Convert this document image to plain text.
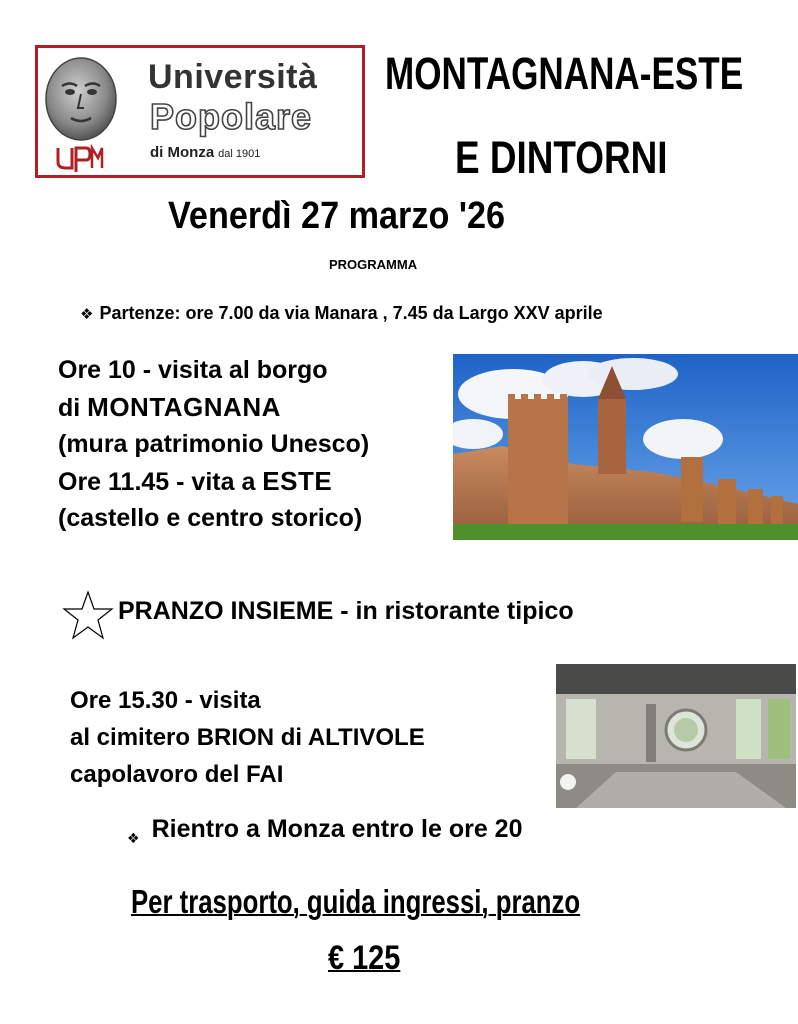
Università
Popolare
di Monza dal 1901
MONTAGNANA-ESTE
E DINTORNI
Venerdì 27 marzo '26
PROGRAMMA
❖ Partenze: ore 7.00 da via Manara , 7.45 da Largo XXV aprile
Ore 10 - visita al borgo
di MONTAGNANA
(mura patrimonio Unesco)
Ore 11.45 - vita a ESTE
(castello e centro storico)
PRANZO INSIEME - in ristorante tipico
Ore 15.30 - visita
al cimitero BRION di ALTIVOLE
capolavoro del FAI
$_❖$ Rientro a Monza entro le ore 20
Per trasporto, guida ingressi, pranzo
€ 125
